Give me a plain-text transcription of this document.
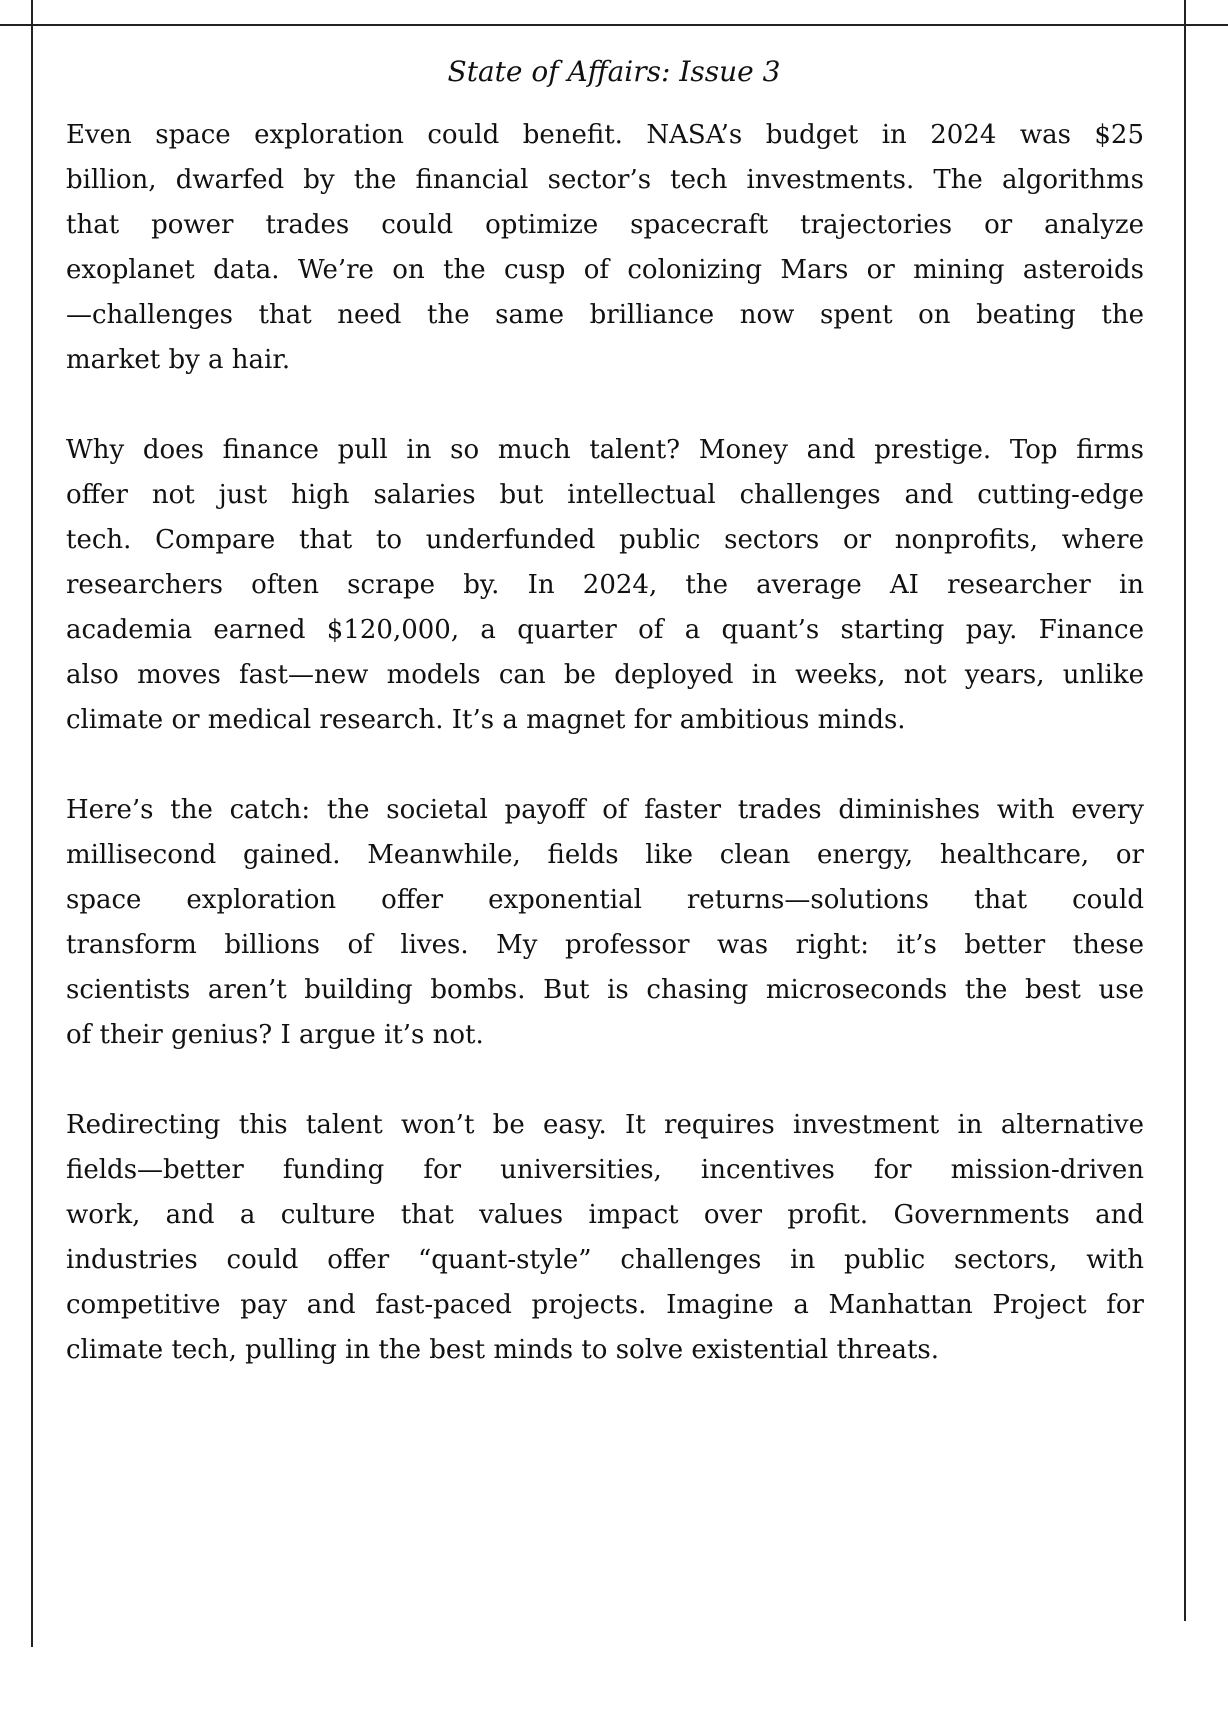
State of Affairs: Issue 3
Even space exploration could benefit. NASA’s budget in 2024 was $25
billion, dwarfed by the financial sector’s tech investments. The algorithms
that power trades could optimize spacecraft trajectories or analyze
exoplanet data. We’re on the cusp of colonizing Mars or mining asteroids
—challenges that need the same brilliance now spent on beating the
market by a hair.
Why does finance pull in so much talent? Money and prestige. Top firms
offer not just high salaries but intellectual challenges and cutting-edge
tech. Compare that to underfunded public sectors or nonprofits, where
researchers often scrape by. In 2024, the average AI researcher in
academia earned $120,000, a quarter of a quant’s starting pay. Finance
also moves fast—new models can be deployed in weeks, not years, unlike
climate or medical research. It’s a magnet for ambitious minds.
Here’s the catch: the societal payoff of faster trades diminishes with every
millisecond gained. Meanwhile, fields like clean energy, healthcare, or
space exploration offer exponential returns—solutions that could
transform billions of lives. My professor was right: it’s better these
scientists aren’t building bombs. But is chasing microseconds the best use
of their genius? I argue it’s not.
Redirecting this talent won’t be easy. It requires investment in alternative
fields—better funding for universities, incentives for mission-driven
work, and a culture that values impact over profit. Governments and
industries could offer “quant-style” challenges in public sectors, with
competitive pay and fast-paced projects. Imagine a Manhattan Project for
climate tech, pulling in the best minds to solve existential threats.
